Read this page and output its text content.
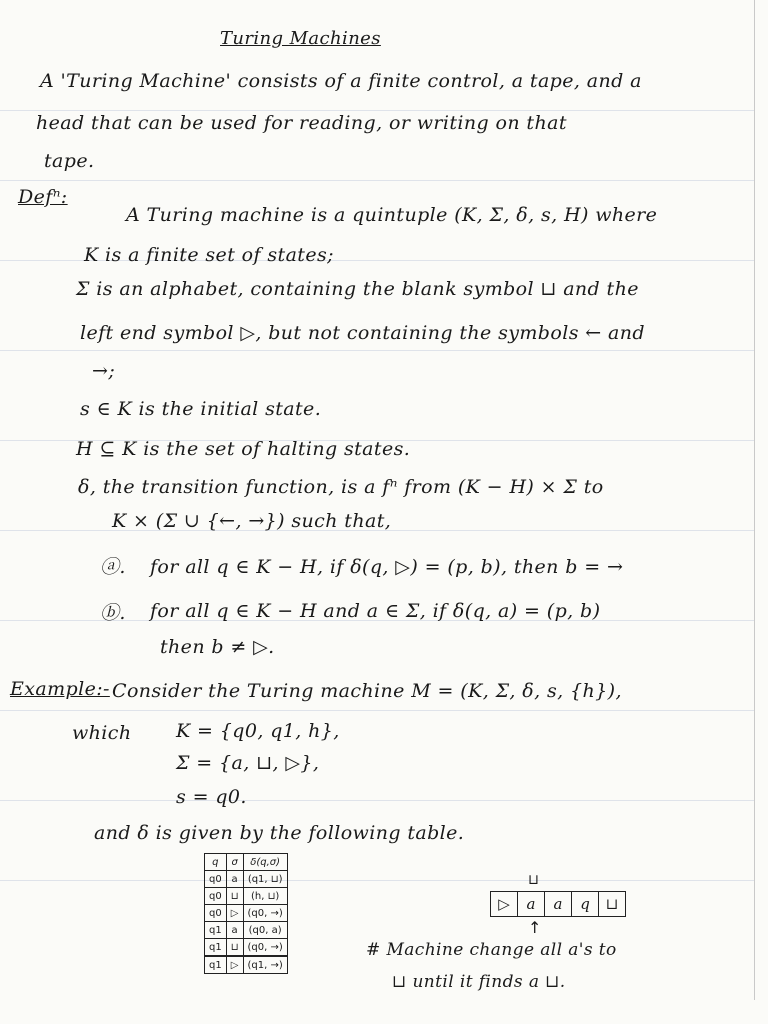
Turing Machines
A 'Turing Machine' consists of a finite control, a tape, and a
head that can be used for reading, or writing on that
tape.
Defⁿ:
A Turing machine is a quintuple (K, Σ, δ, s, H) where
K is a finite set of states;
Σ is an alphabet, containing the blank symbol ⊔ and the
left end symbol ▷, but not containing the symbols ← and
→;
s ∈ K is the initial state.
H ⊆ K is the set of halting states.
δ, the transition function, is a fⁿ from (K − H) × Σ to
K × (Σ ∪ {←, →}) such that,
ⓐ. for all q ∈ K − H, if δ(q, ▷) = (p, b), then b = →
ⓑ. for all q ∈ K − H and a ∈ Σ, if δ(q, a) = (p, b)
then b ≠ ▷.
Example:- Consider the Turing machine M = (K, Σ, δ, s, {h}),
which K = {q0, q1, h},
Σ = {a, ⊔, ▷},
s = q0.
and δ is given by the following table.
q	σ	δ(q,σ)
q0	a	(q1, ⊔)
q0	⊔	(h, ⊔)
q0	▷	(q0, →)
q1	a	(q0, a)
q1	⊔	(q0, →)
q1	▷	(q1, →)
⊔
▷	a	a	q	⊔
↑
# Machine change all a's to
⊔ until it finds a ⊔.
